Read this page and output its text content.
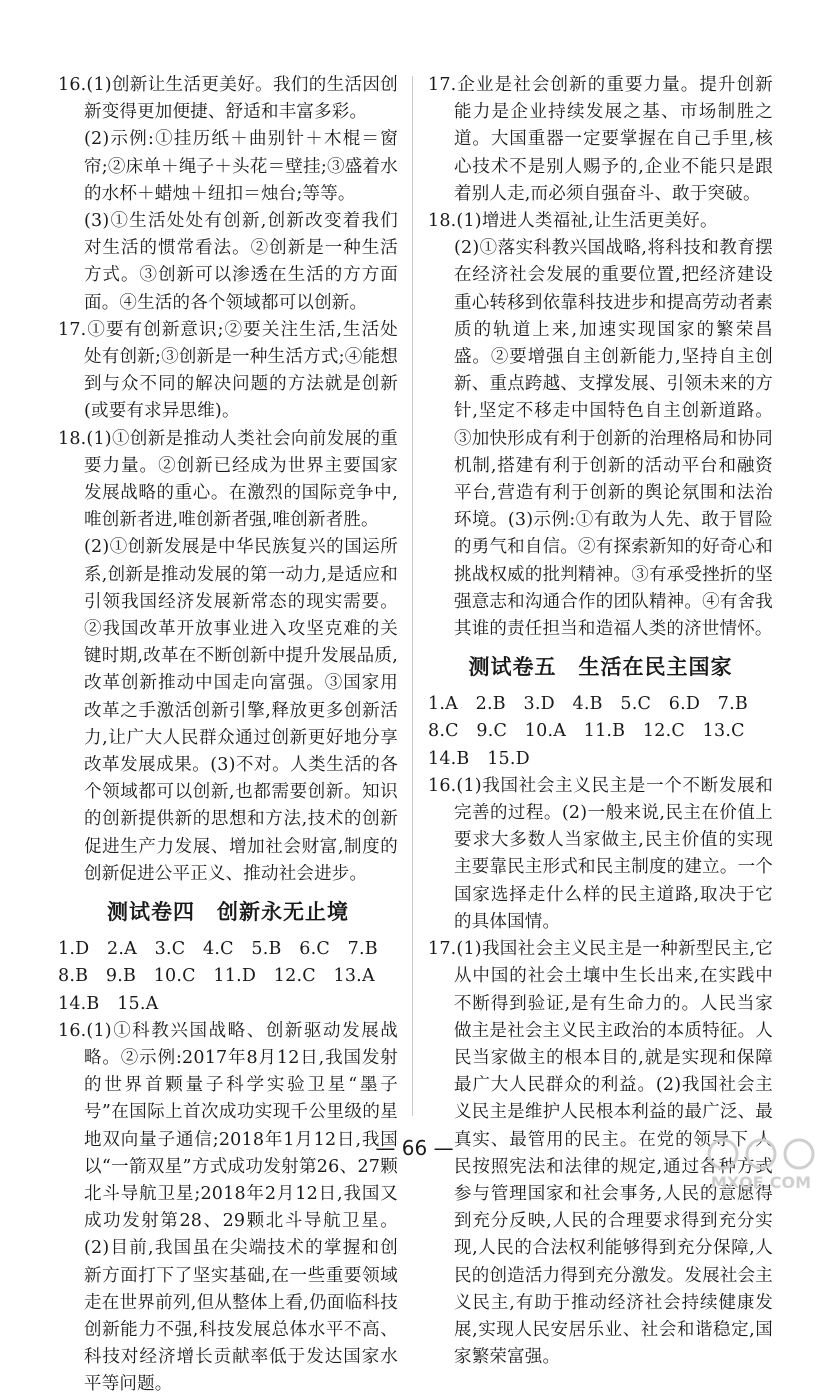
16.(1)创新让生活更美好。我们的生活因创新变得更加便捷、舒适和丰富多彩。

(2)示例:①挂历纸＋曲别针＋木棍＝窗帘;②床单＋绳子＋头花＝壁挂;③盛着水的水杯＋蜡烛＋纽扣＝烛台;等等。

(3)①生活处处有创新,创新改变着我们对生活的惯常看法。②创新是一种生活方式。③创新可以渗透在生活的方方面面。④生活的各个领域都可以创新。

17.①要有创新意识;②要关注生活,生活处处有创新;③创新是一种生活方式;④能想到与众不同的解决问题的方法就是创新(或要有求异思维)。

18.(1)①创新是推动人类社会向前发展的重要力量。②创新已经成为世界主要国家发展战略的重心。在激烈的国际竞争中,唯创新者进,唯创新者强,唯创新者胜。

(2)①创新发展是中华民族复兴的国运所系,创新是推动发展的第一动力,是适应和引领我国经济发展新常态的现实需要。②我国改革开放事业进入攻坚克难的关键时期,改革在不断创新中提升发展品质,改革创新推动中国走向富强。③国家用改革之手激活创新引擎,释放更多创新活力,让广大人民群众通过创新更好地分享改革发展成果。(3)不对。人类生活的各个领域都可以创新,也都需要创新。知识的创新提供新的思想和方法,技术的创新促进生产力发展、增加社会财富,制度的创新促进公平正义、推动社会进步。

测试卷四　创新永无止境

1.D　2.A　3.C　4.C　5.B　6.C　7.B

8.B　9.B　10.C　11.D　12.C　13.A

14.B　15.A

16.(1)①科教兴国战略、创新驱动发展战略。②示例:2017年8月12日,我国发射的世界首颗量子科学实验卫星“墨子号”在国际上首次成功实现千公里级的星地双向量子通信;2018年1月12日,我国以“一箭双星”方式成功发射第26、27颗北斗导航卫星;2018年2月12日,我国又成功发射第28、29颗北斗导航卫星。(2)目前,我国虽在尖端技术的掌握和创新方面打下了坚实基础,在一些重要领域走在世界前列,但从整体上看,仍面临科技创新能力不强,科技发展总体水平不高、科技对经济增长贡献率低于发达国家水平等问题。

17.企业是社会创新的重要力量。提升创新能力是企业持续发展之基、市场制胜之道。大国重器一定要掌握在自己手里,核心技术不是别人赐予的,企业不能只是跟着别人走,而必须自强奋斗、敢于突破。

18.(1)增进人类福祉,让生活更美好。

(2)①落实科教兴国战略,将科技和教育摆在经济社会发展的重要位置,把经济建设重心转移到依靠科技进步和提高劳动者素质的轨道上来,加速实现国家的繁荣昌盛。②要增强自主创新能力,坚持自主创新、重点跨越、支撑发展、引领未来的方针,坚定不移走中国特色自主创新道路。③加快形成有利于创新的治理格局和协同机制,搭建有利于创新的活动平台和融资平台,营造有利于创新的舆论氛围和法治环境。(3)示例:①有敢为人先、敢于冒险的勇气和自信。②有探索新知的好奇心和挑战权威的批判精神。③有承受挫折的坚强意志和沟通合作的团队精神。④有舍我其谁的责任担当和造福人类的济世情怀。

测试卷五　生活在民主国家

1.A　2.B　3.D　4.B　5.C　6.D　7.B

8.C　9.C　10.A　11.B　12.C　13.C

14.B　15.D

16.(1)我国社会主义民主是一个不断发展和完善的过程。(2)一般来说,民主在价值上要求大多数人当家做主,民主价值的实现主要靠民主形式和民主制度的建立。一个国家选择走什么样的民主道路,取决于它的具体国情。

17.(1)我国社会主义民主是一种新型民主,它从中国的社会土壤中生长出来,在实践中不断得到验证,是有生命力的。人民当家做主是社会主义民主政治的本质特征。人民当家做主的根本目的,就是实现和保障最广大人民群众的利益。(2)我国社会主义民主是维护人民根本利益的最广泛、最真实、最管用的民主。在党的领导下,人民按照宪法和法律的规定,通过各种方式参与管理国家和社会事务,人民的意愿得到充分反映,人民的合理要求得到充分实现,人民的合法权利能够得到充分保障,人民的创造活力得到充分激发。发展社会主义民主,有助于推动经济社会持续健康发展,实现人民安居乐业、社会和谐稳定,国家繁荣富强。

— 66 —
MXQE.COM
